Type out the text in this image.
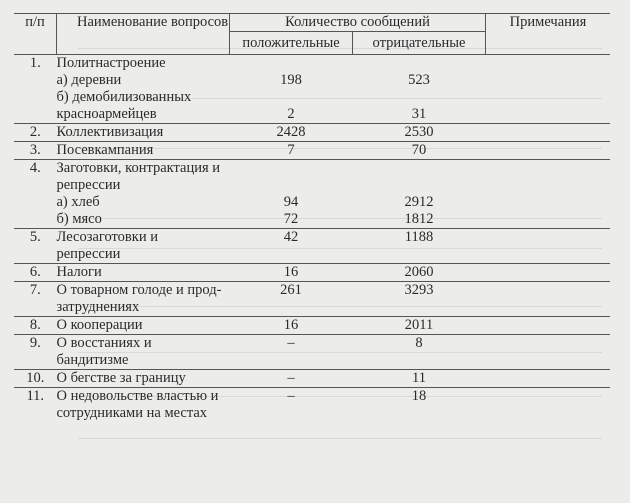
п/п	Наименование вопросов	Количество сообщений		Примечания
		положительные	отрицательные	
1.	Политнастроение			

	а) деревни	198	523	

	б) демобилизованных
красноармейцев	2	31	

2.	Коллективизация	2428	2530	

3.	Посевкампания	7	70	

4.	Заготовки, контрактация и
репрессии			

	а) хлеб	94	2912	

	б) мясо	72	1812	

5.	Лесозаготовки и
репрессии	42	1188	

6.	Налоги	16	2060	

7.	О товарном голоде и прод-
затруднениях	261	3293	

8.	О кооперации	16	2011	

9.	О восстаниях и
бандитизме	–	8	

10.	О бегстве за границу	–	11	

11.	О недовольстве властью и
сотрудниками на местах	–	18	
